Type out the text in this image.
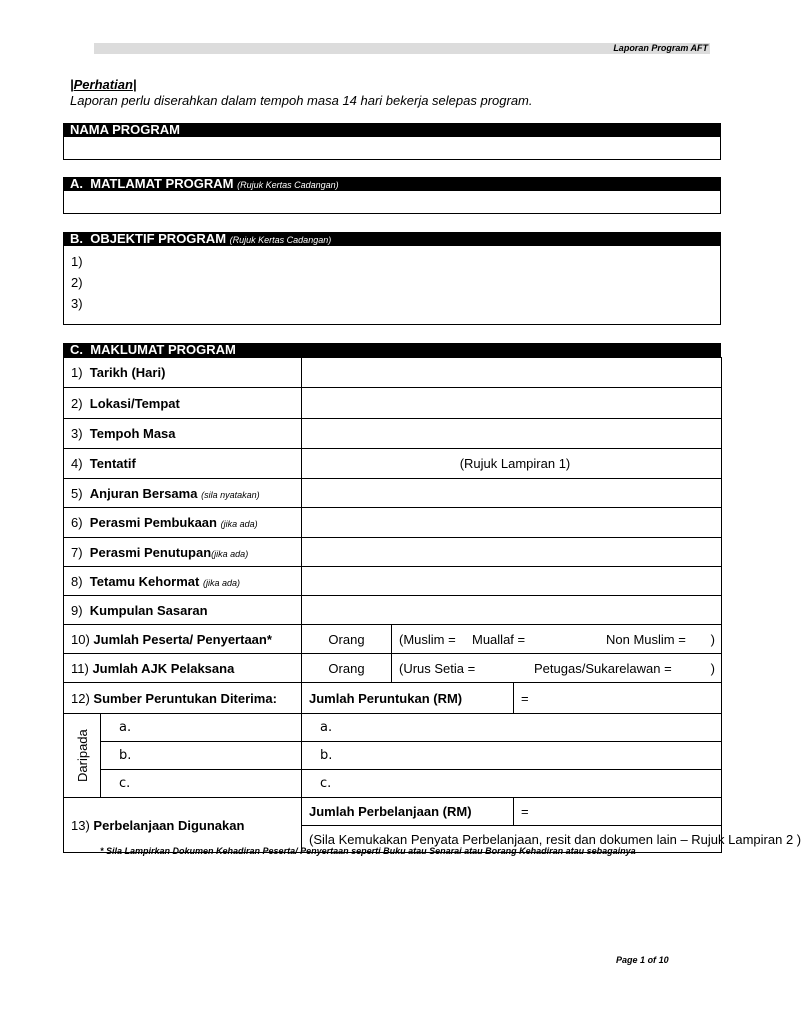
Laporan Program AFT
|Perhatian|
Laporan perlu diserahkan dalam tempoh masa 14 hari bekerja selepas program.
NAMA PROGRAM
A. MATLAMAT PROGRAM (Rujuk Kertas Cadangan)
B. OBJEKTIF PROGRAM (Rujuk Kertas Cadangan)
1)
2)
3)
C. MAKLUMAT PROGRAM
1) Tarikh (Hari)				
2) Lokasi/Tempat				
3) Tempoh Masa				
4) Tentatif		(Rujuk Lampiran 1)		
5) Anjuran Bersama (sila nyatakan)				
6) Perasmi Pembukaan (jika ada)				
7) Perasmi Penutupan(jika ada)				
8) Tetamu Kehormat (jika ada)				
9) Kumpulan Sasaran				
10) Jumlah Peserta/ Penyertaan*		Orang	(Muslim = Muallaf = Non Muslim = )	

11) Jumlah AJK Pelaksana		Orang	(Urus Setia = Petugas/Sukarelawan = )	

12) Sumber Peruntukan Diterima:		Jumlah Peruntukan (RM)		=
Daripada	a.	a.		
	b.	b.		
	c.	c.		
13) Perbelanjaan Digunakan		Jumlah Perbelanjaan (RM)		=
		(Sila Kemukakan Penyata Perbelanjaan, resit dan dokumen lain – Rujuk Lampiran 2 )		
* Sila Lampirkan Dokumen Kehadiran Peserta/ Penyertaan seperti Buku atau Senarai atau Borang Kehadiran atau sebagainya
Page 1 of 10
